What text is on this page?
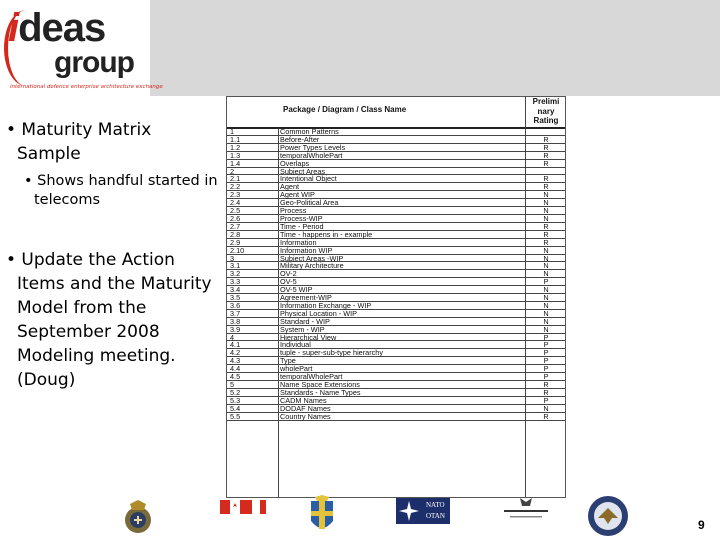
ideas
group
international defence enterprise architecture exchange
• Maturity Matrix Sample
• Shows handful started in telecoms
• Update the Action Items and the Maturity Model from the September 2008 Modeling meeting. (Doug)
Package / Diagram / Class Name
Prelimi nary Rating
1	Common Patterns
1.1	Before-After	R
1.2	Power Types Levels	R
1.3	temporalWholePart	R
1.4	Overlaps	R
2	Subject Areas
2.1	Intentional Object	R
2.2	Agent	R
2.3	Agent WIP	N
2.4	Geo-Political Area	N
2.5	Process	N
2.6	Process-WIP	N
2.7	Time - Period	R
2.8	Time - happens in - example	R
2.9	Information	R
2.10	Information WIP	N
3	Subject Areas -WIP	N
3.1	Military Architecture	N
3.2	OV-2	N
3.3	OV-5	P
3.4	OV-5 WIP	N
3.5	Agreement-WIP	N
3.6	Information Exchange - WIP	N
3.7	Physical Location - WIP	N
3.8	Standard - WIP	N
3.9	System - WIP	N
4	Hierarchical View	P
4.1	Individual	P
4.2	tuple - super-sub-type hierarchy	P
4.3	Type	P
4.4	wholePart	P
4.5	temporalWholePart	P
5	Name Space Extensions	R
5.2	Standards - Name Types	R
5.3	CADM Names	P
5.4	DODAF Names	N
5.5	Country Names	R
NATO
OTAN
9
